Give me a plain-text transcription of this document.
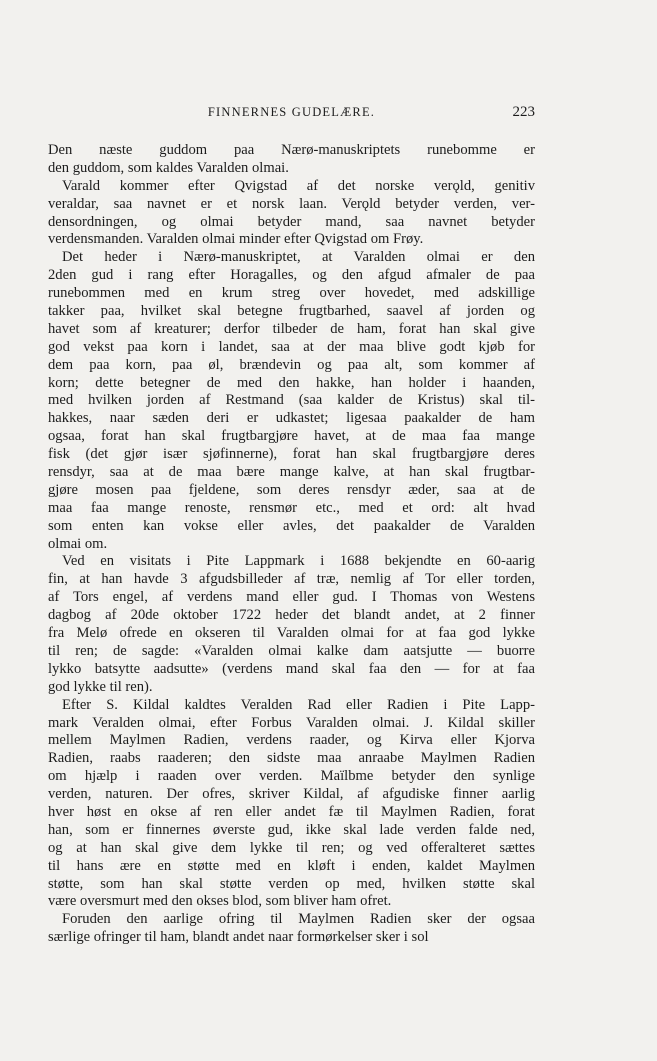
FINNERNES GUDELÆRE.	223
Den næste guddom paa Nærø-manuskriptets runebomme er
den guddom, som kaldes Varalden olmai.
Varald kommer efter Qvigstad af det norske verǫld, genitiv
veraldar, saa navnet er et norsk laan. Verǫld betyder verden, ver-
densordningen, og olmai betyder mand, saa navnet betyder
verdensmanden. Varalden olmai minder efter Qvigstad om Frøy.
Det heder i Nærø-manuskriptet, at Varalden olmai er den
2den gud i rang efter Horagalles, og den afgud afmaler de paa
runebommen med en krum streg over hovedet, med adskillige
takker paa, hvilket skal betegne frugtbarhed, saavel af jorden og
havet som af kreaturer; derfor tilbeder de ham, forat han skal give
god vekst paa korn i landet, saa at der maa blive godt kjøb for
dem paa korn, paa øl, brændevin og paa alt, som kommer af
korn; dette betegner de med den hakke, han holder i haanden,
med hvilken jorden af Restmand (saa kalder de Kristus) skal til-
hakkes, naar sæden deri er udkastet; ligesaa paakalder de ham
ogsaa, forat han skal frugtbargjøre havet, at de maa faa mange
fisk (det gjør især sjøfinnerne), forat han skal frugtbargjøre deres
rensdyr, saa at de maa bære mange kalve, at han skal frugtbar-
gjøre mosen paa fjeldene, som deres rensdyr æder, saa at de
maa faa mange renoste, rensmør etc., med et ord: alt hvad
som enten kan vokse eller avles, det paakalder de Varalden
olmai om.
Ved en visitats i Pite Lappmark i 1688 bekjendte en 60-aarig
fin, at han havde 3 afgudsbilleder af træ, nemlig af Tor eller torden,
af Tors engel, af verdens mand eller gud. I Thomas von Westens
dagbog af 20de oktober 1722 heder det blandt andet, at 2 finner
fra Melø ofrede en okseren til Varalden olmai for at faa god lykke
til ren; de sagde: «Varalden olmai kalke dam aatsjutte — buorre
lykko batsytte aadsutte» (verdens mand skal faa den — for at faa
god lykke til ren).
Efter S. Kildal kaldtes Veralden Rad eller Radien i Pite Lapp-
mark Veralden olmai, efter Forbus Varalden olmai. J. Kildal skiller
mellem Maylmen Radien, verdens raader, og Kirva eller Kjorva
Radien, raabs raaderen; den sidste maa anraabe Maylmen Radien
om hjælp i raaden over verden. Maïlbme betyder den synlige
verden, naturen. Der ofres, skriver Kildal, af afgudiske finner aarlig
hver høst en okse af ren eller andet fæ til Maylmen Radien, forat
han, som er finnernes øverste gud, ikke skal lade verden falde ned,
og at han skal give dem lykke til ren; og ved offeralteret sættes
til hans ære en støtte med en kløft i enden, kaldet Maylmen
støtte, som han skal støtte verden op med, hvilken støtte skal
være oversmurt med den okses blod, som bliver ham ofret.
Foruden den aarlige ofring til Maylmen Radien sker der ogsaa
særlige ofringer til ham, blandt andet naar formørkelser sker i sol
